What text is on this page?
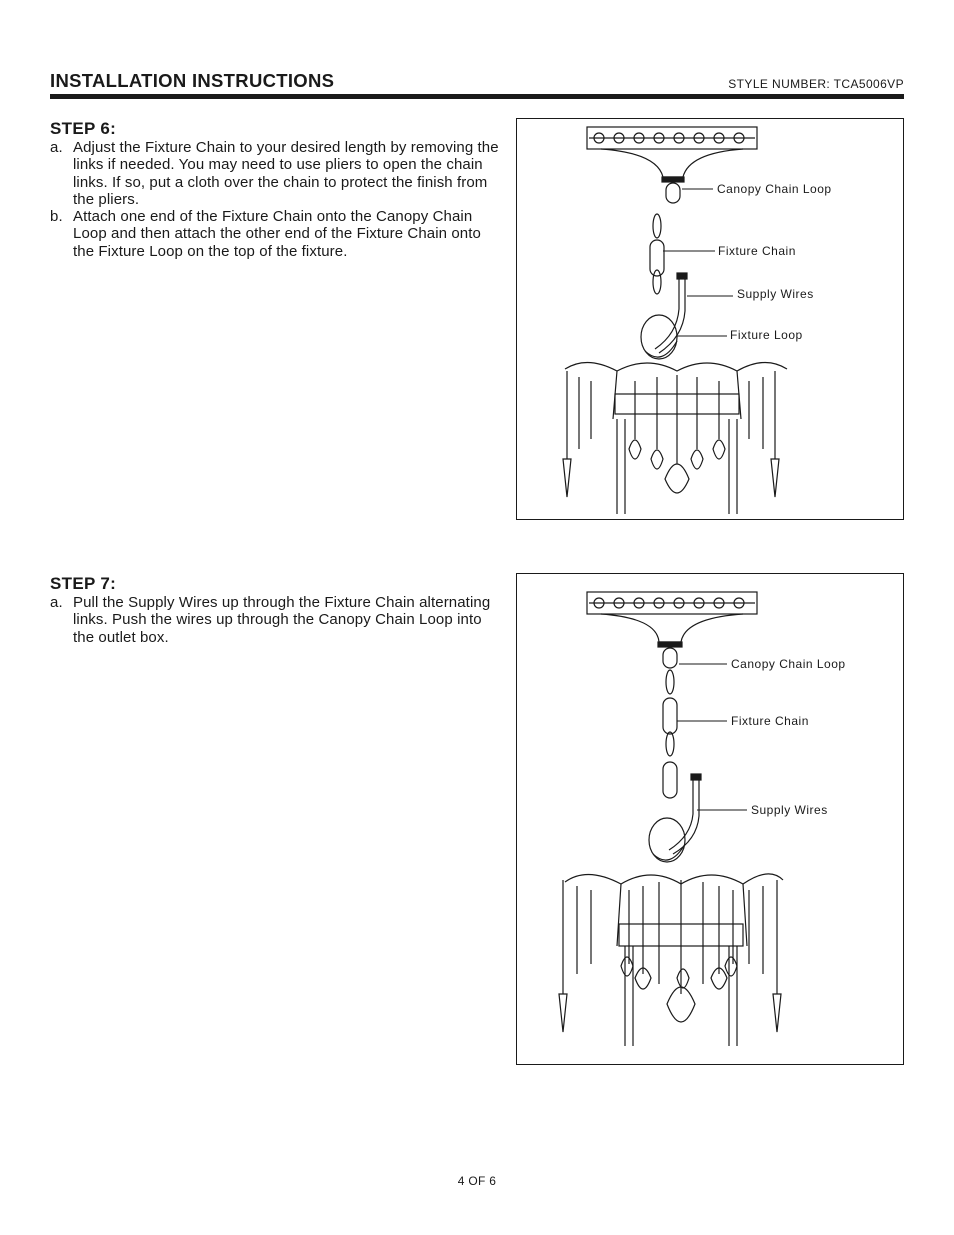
INSTALLATION INSTRUCTIONS	STYLE NUMBER: TCA5006VP
STEP 6:

a. Adjust the Fixture Chain to your desired length by removing the links if needed. You may need to use pliers to open the chain links. If so, put a cloth over the chain to protect the finish from the pliers.

b. Attach one end of the Fixture Chain onto the Canopy Chain Loop and then attach the other end of the Fixture Chain onto the Fixture Loop on the top of the fixture.

Canopy Chain Loop
Fixture Chain
Supply Wires
Fixture Loop
STEP 7:

a. Pull the Supply Wires up through the Fixture Chain alternating links. Push the wires up through the Canopy Chain Loop into the outlet box.

Canopy Chain Loop
Fixture Chain
Supply Wires
4 OF 6
